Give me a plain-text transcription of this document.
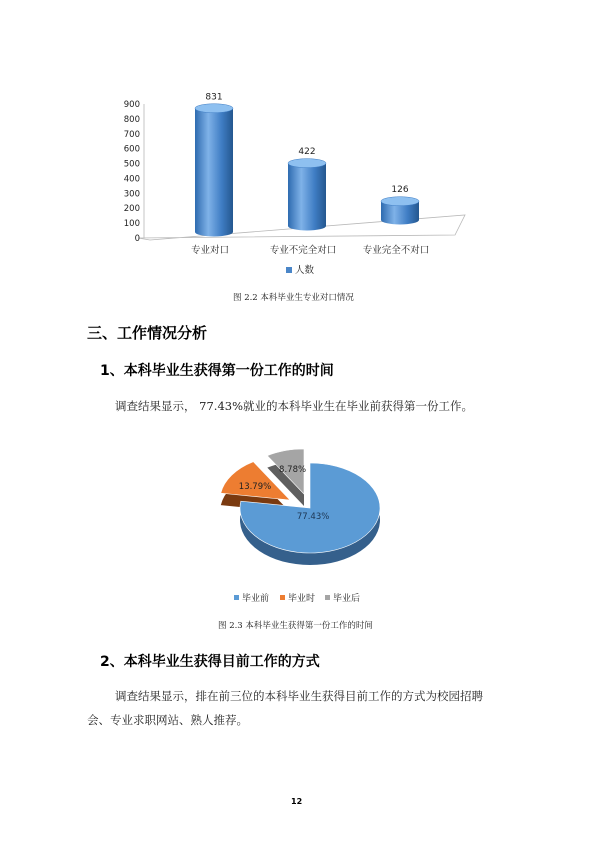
0
100
200
300
400
500
600
700
800
900
831
422
126
专业对口	专业不完全对口	专业完全不对口
人数
图 2.2 本科毕业生专业对口情况
三、工作情况分析
1、本科毕业生获得第一份工作的时间
调查结果显示， 77.43%就业的本科毕业生在毕业前获得第一份工作。
77.43%
13.79%
8.78%
毕业前 毕业时 毕业后
图 2.3 本科毕业生获得第一份工作的时间
2、本科毕业生获得目前工作的方式
调查结果显示，排在前三位的本科毕业生获得目前工作的方式为校园招聘
会、专业求职网站、熟人推荐。
12
